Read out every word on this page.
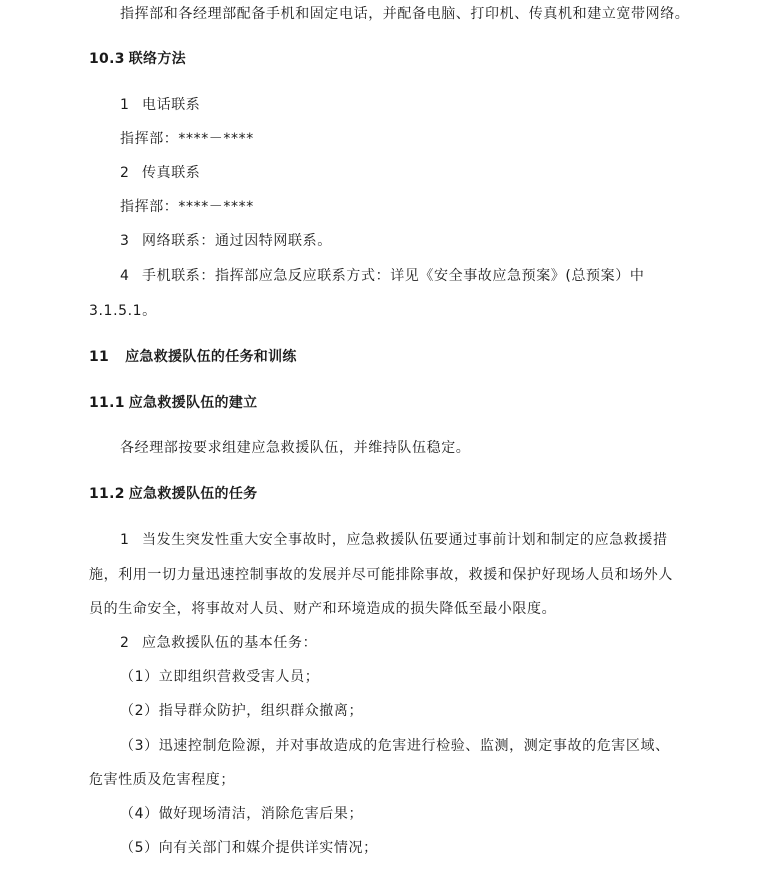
指挥部和各经理部配备手机和固定电话，并配备电脑、打印机、传真机和建立宽带网络。
10.3 联络方法
1 电话联系
指挥部：****－****
2 传真联系
指挥部：****－****
3 网络联系：通过因特网联系。
4 手机联系：指挥部应急反应联系方式：详见《安全事故应急预案》(总预案）中
3.1.5.1。
11 应急救援队伍的任务和训练
11.1 应急救援队伍的建立
各经理部按要求组建应急救援队伍，并维持队伍稳定。
11.2 应急救援队伍的任务
1 当发生突发性重大安全事故时，应急救援队伍要通过事前计划和制定的应急救援措
施，利用一切力量迅速控制事故的发展并尽可能排除事故，救援和保护好现场人员和场外人
员的生命安全，将事故对人员、财产和环境造成的损失降低至最小限度。
2 应急救援队伍的基本任务：
（1）立即组织营救受害人员；
（2）指导群众防护，组织群众撤离；
（3）迅速控制危险源，并对事故造成的危害进行检验、监测，测定事故的危害区域、
危害性质及危害程度；
（4）做好现场清洁，消除危害后果；
（5）向有关部门和媒介提供详实情况；
